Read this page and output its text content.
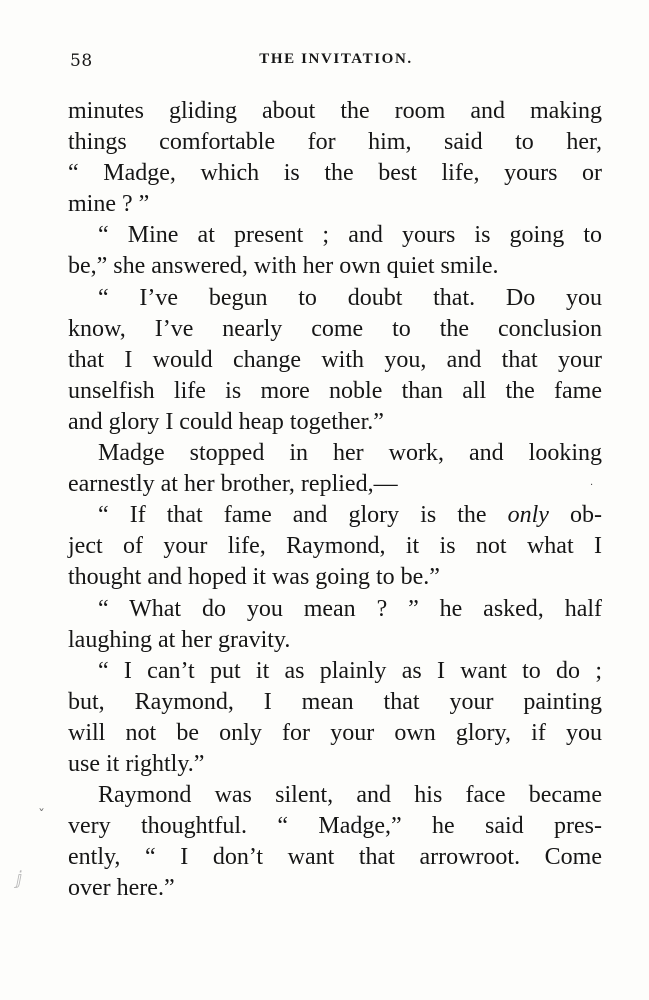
58	THE INVITATION.
minutes gliding about the room and making
things comfortable for him, said to her,
“ Madge, which is the best life, yours or
mine ? ”
“ Mine at present ; and yours is going to
be,” she answered, with her own quiet smile.
“ I’ve begun to doubt that. Do you
know, I’ve nearly come to the conclusion
that I would change with you, and that your
unselfish life is more noble than all the fame
and glory I could heap together.”
Madge stopped in her work, and looking
earnestly at her brother, replied,—
“ If that fame and glory is the only ob-
ject of your life, Raymond, it is not what I
thought and hoped it was going to be.”
“ What do you mean ? ” he asked, half
laughing at her gravity.
“ I can’t put it as plainly as I want to do ;
but, Raymond, I mean that your painting
will not be only for your own glory, if you
use it rightly.”
Raymond was silent, and his face became
very thoughtful. “ Madge,” he said pres-
ently, “ I don’t want that arrowroot. Come
over here.”
ˇ
ⅉ
·
